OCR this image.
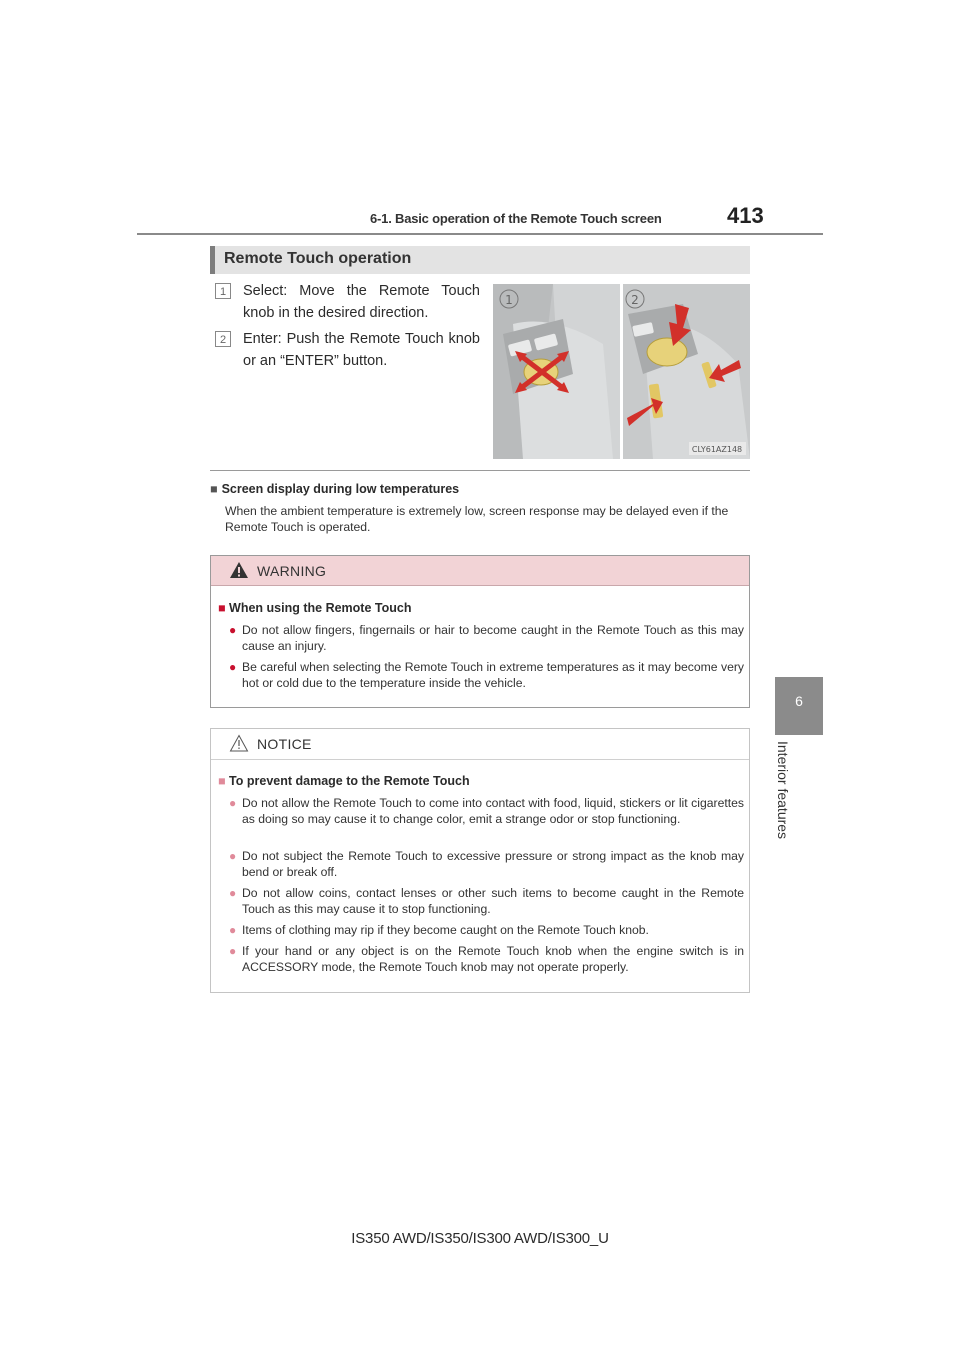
6-1. Basic operation of the Remote Touch screen	413
6
Interior features
Remote Touch operation
1	Select: Move the Remote Touch knob in the desired direction.
2	Enter: Push the Remote Touch knob or an “ENTER” button.
1	2
CLY61AZ148
■ Screen display during low temperatures
When the ambient temperature is extremely low, screen response may be delayed even if the Remote Touch is operated.
WARNING
■ When using the Remote Touch
● Do not allow fingers, fingernails or hair to become caught in the Remote Touch as this may cause an injury.
● Be careful when selecting the Remote Touch in extreme temperatures as it may become very hot or cold due to the temperature inside the vehicle.
NOTICE
■ To prevent damage to the Remote Touch
● Do not allow the Remote Touch to come into contact with food, liquid, stickers or lit cigarettes as doing so may cause it to change color, emit a strange odor or stop functioning.
● Do not subject the Remote Touch to excessive pressure or strong impact as the knob may bend or break off.
● Do not allow coins, contact lenses or other such items to become caught in the Remote Touch as this may cause it to stop functioning.
● Items of clothing may rip if they become caught on the Remote Touch knob.
● If your hand or any object is on the Remote Touch knob when the engine switch is in ACCESSORY mode, the Remote Touch knob may not operate properly.
IS350 AWD/IS350/IS300 AWD/IS300_U
